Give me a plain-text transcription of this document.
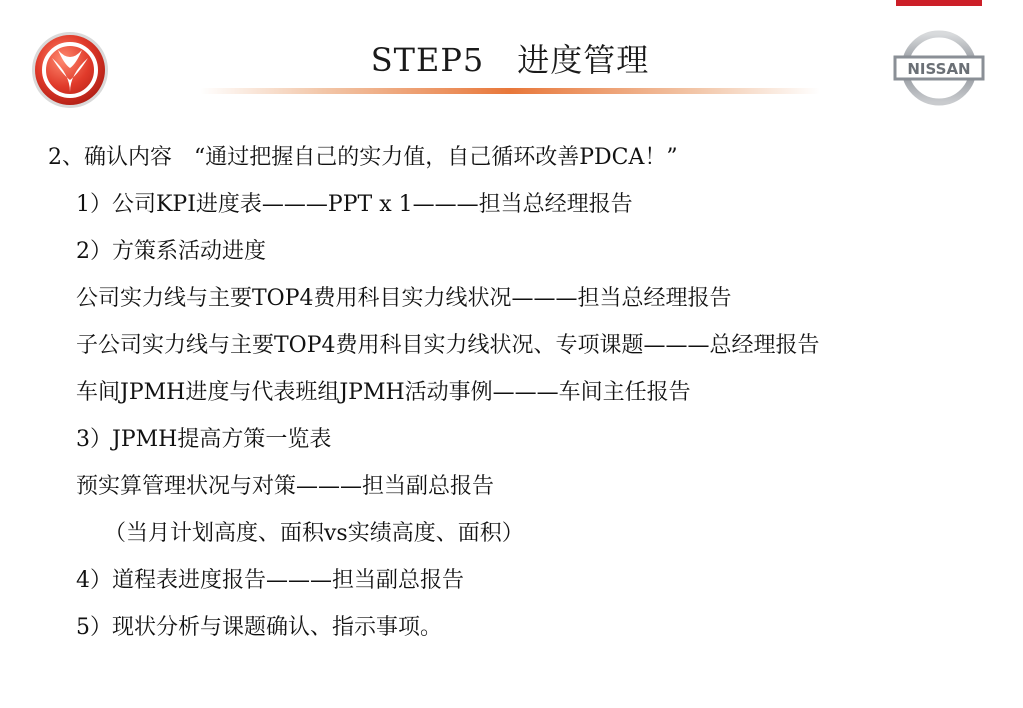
STEP5　进度管理	NISSAN
2、确认内容　“通过把握自己的实力值，自己循环改善PDCA！”
1）公司KPI进度表———PPT x 1———担当总经理报告
2）方策系活动进度
公司实力线与主要TOP4费用科目实力线状况———担当总经理报告
子公司实力线与主要TOP4费用科目实力线状况、专项课题———总经理报告
车间JPMH进度与代表班组JPMH活动事例———车间主任报告
3）JPMH提高方策一览表
预实算管理状况与对策———担当副总报告
（当月计划高度、面积vs实绩高度、面积）
4）道程表进度报告———担当副总报告
5）现状分析与课题确认、指示事项。
